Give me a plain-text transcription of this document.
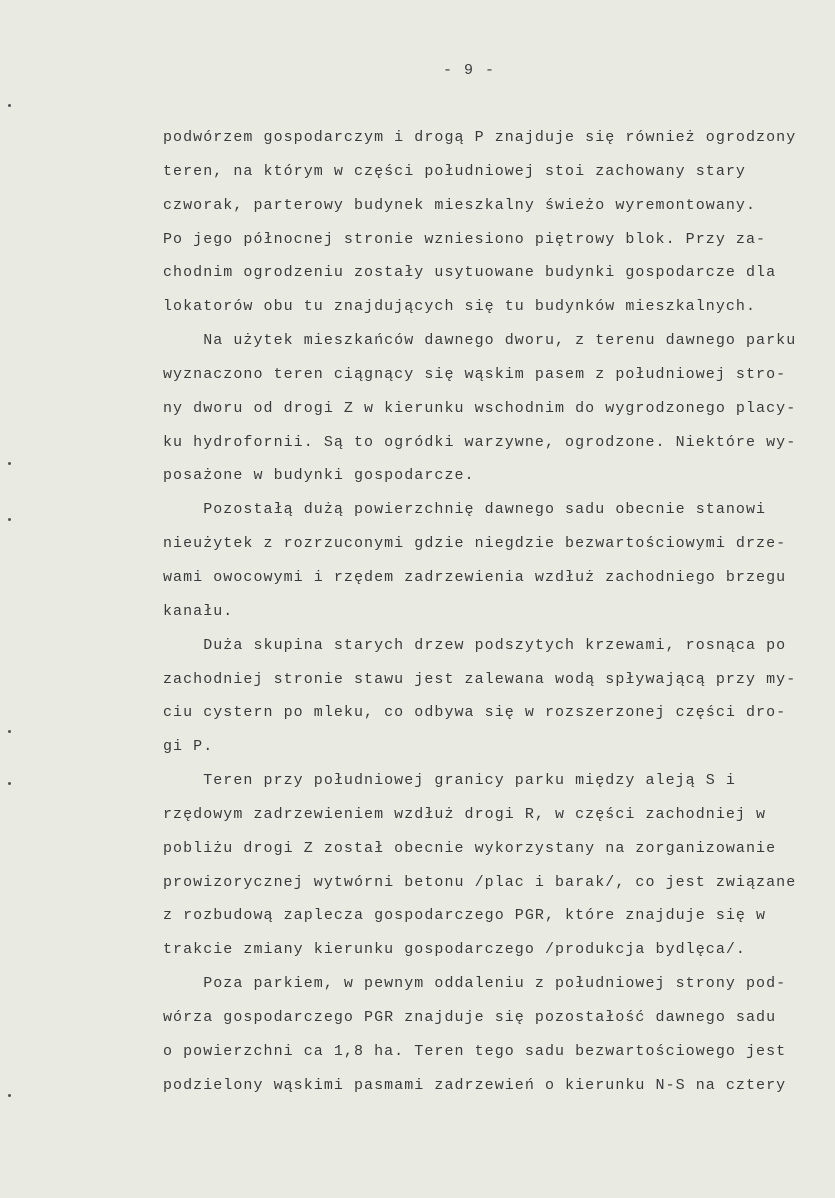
- 9 -
podwórzem gospodarczym i drogą P znajduje się również ogrodzony
teren, na którym w części południowej stoi zachowany stary
czworak, parterowy budynek mieszkalny świeżo wyremontowany.
Po jego północnej stronie wzniesiono piętrowy blok. Przy za-
chodnim ogrodzeniu zostały usytuowane budynki gospodarcze dla
lokatorów obu tu znajdujących się tu budynków mieszkalnych.
Na użytek mieszkańców dawnego dworu, z terenu dawnego parku
wyznaczono teren ciągnący się wąskim pasem z południowej stro-
ny dworu od drogi Z w kierunku wschodnim do wygrodzonego placy-
ku hydrofornii. Są to ogródki warzywne, ogrodzone. Niektóre wy-
posażone w budynki gospodarcze.
Pozostałą dużą powierzchnię dawnego sadu obecnie stanowi
nieużytek z rozrzuconymi gdzie niegdzie bezwartościowymi drze-
wami owocowymi i rzędem zadrzewienia wzdłuż zachodniego brzegu
kanału.
Duża skupina starych drzew podszytych krzewami, rosnąca po
zachodniej stronie stawu jest zalewana wodą spływającą przy my-
ciu cystern po mleku, co odbywa się w rozszerzonej części dro-
gi P.
Teren przy południowej granicy parku między aleją S i
rzędowym zadrzewieniem wzdłuż drogi R, w części zachodniej w
pobliżu drogi Z został obecnie wykorzystany na zorganizowanie
prowizorycznej wytwórni betonu /plac i barak/, co jest związane
z rozbudową zaplecza gospodarczego PGR, które znajduje się w
trakcie zmiany kierunku gospodarczego /produkcja bydlęca/.
Poza parkiem, w pewnym oddaleniu z południowej strony pod-
wórza gospodarczego PGR znajduje się pozostałość dawnego sadu
o powierzchni ca 1,8 ha. Teren tego sadu bezwartościowego jest
podzielony wąskimi pasmami zadrzewień o kierunku N-S na cztery
